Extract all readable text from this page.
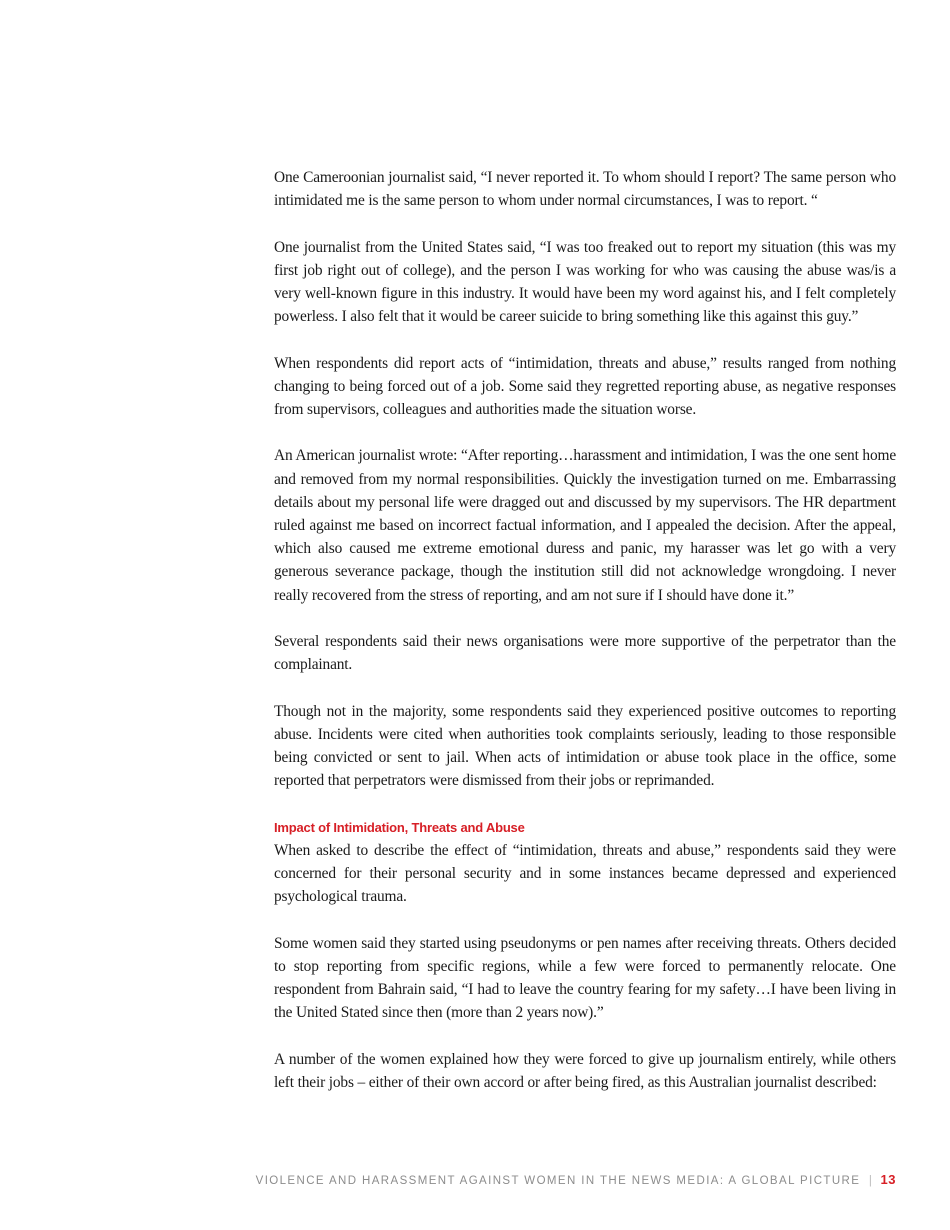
One Cameroonian journalist said, “I never reported it. To whom should I report? The same person who intimidated me is the same person to whom under normal circumstances, I was to report. “

One journalist from the United States said, “I was too freaked out to report my situation (this was my first job right out of college), and the person I was working for who was causing the abuse was/is a very well-known figure in this industry. It would have been my word against his, and I felt completely powerless. I also felt that it would be career suicide to bring something like this against this guy.”

When respondents did report acts of “intimidation, threats and abuse,” results ranged from nothing changing to being forced out of a job. Some said they regretted reporting abuse, as negative responses from supervisors, colleagues and authorities made the situation worse.

An American journalist wrote: “After reporting…harassment and intimidation, I was the one sent home and removed from my normal responsibilities. Quickly the investigation turned on me. Embarrassing details about my personal life were dragged out and discussed by my supervisors. The HR department ruled against me based on incorrect factual information, and I appealed the decision. After the appeal, which also caused me extreme emotional duress and panic, my harasser was let go with a very generous severance package, though the institution still did not acknowledge wrongdoing. I never really recovered from the stress of reporting, and am not sure if I should have done it.”

Several respondents said their news organisations were more supportive of the perpetrator than the complainant.

Though not in the majority, some respondents said they experienced positive outcomes to reporting abuse. Incidents were cited when authorities took complaints seriously, leading to those responsible being convicted or sent to jail. When acts of intimidation or abuse took place in the office, some reported that perpetrators were dismissed from their jobs or reprimanded.

Impact of Intimidation, Threats and Abuse

When asked to describe the effect of “intimidation, threats and abuse,” respondents said they were concerned for their personal security and in some instances became depressed and experienced psychological trauma.

Some women said they started using pseudonyms or pen names after receiving threats. Others decided to stop reporting from specific regions, while a few were forced to permanently relocate. One respondent from Bahrain said, “I had to leave the country fearing for my safety…I have been living in the United Stated since then (more than 2 years now).”

A number of the women explained how they were forced to give up journalism entirely, while others left their jobs – either of their own accord or after being fired, as this Australian journalist described:

VIOLENCE AND HARASSMENT AGAINST WOMEN IN THE NEWS MEDIA: A GLOBAL PICTURE | 13
